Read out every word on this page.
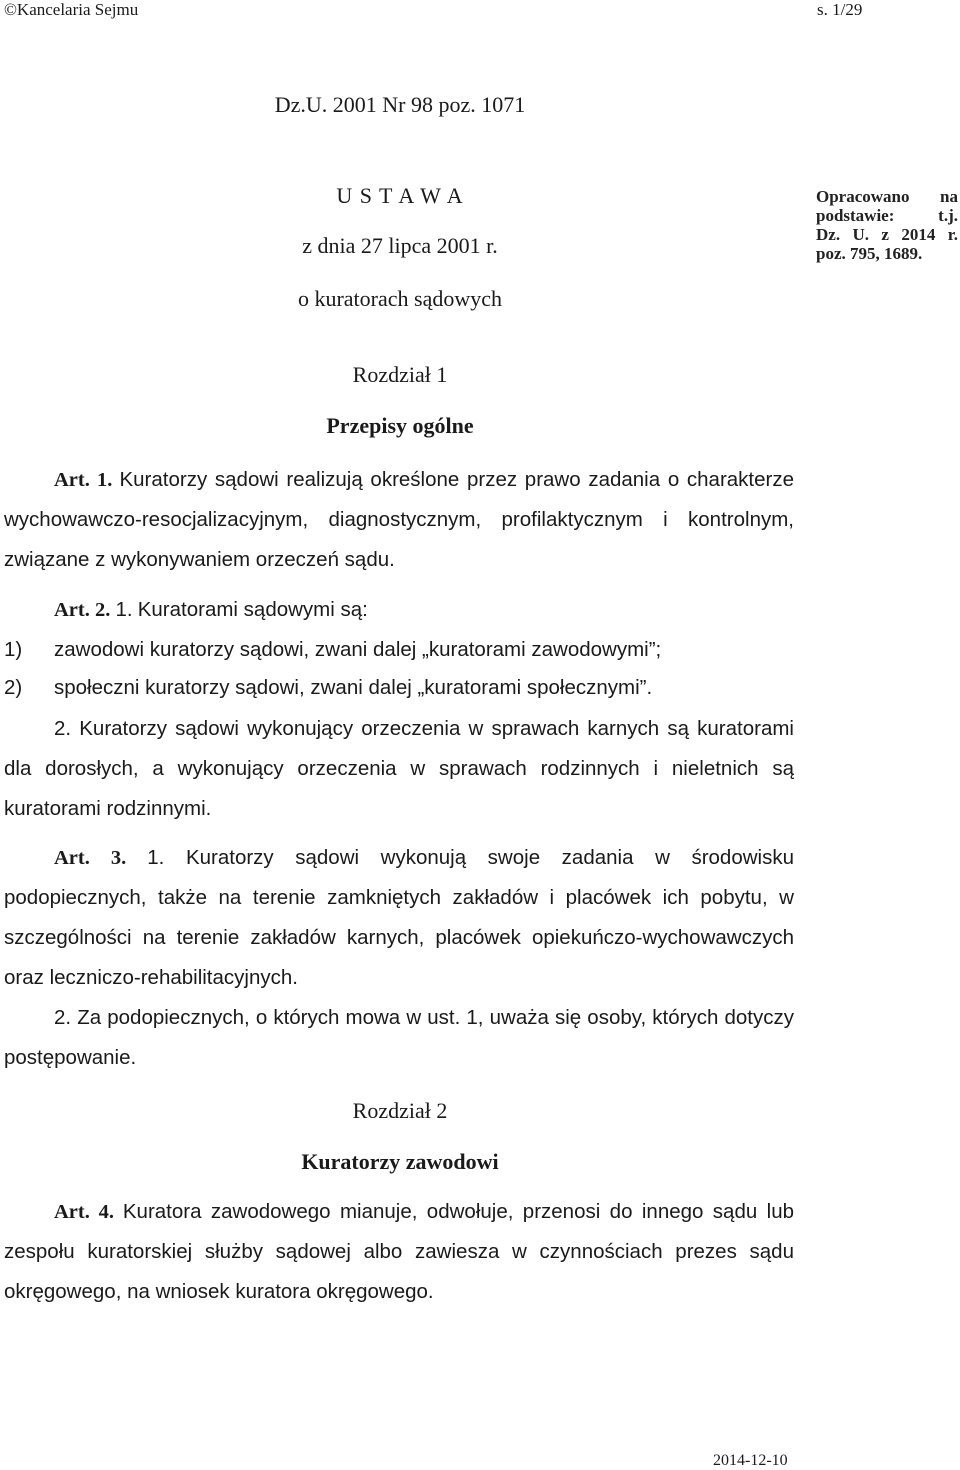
©Kancelaria Sejmu	s. 1/29
Dz.U. 2001 Nr 98 poz. 1071
U S T A W A
z dnia 27 lipca 2001 r.
o kuratorach sądowych
Opracowano na
podstawie: t.j.
Dz. U. z 2014 r.
poz. 795, 1689.
Rozdział 1
Przepisy ogólne
Art. 1. Kuratorzy sądowi realizują określone przez prawo zadania o charakterze wychowawczo-resocjalizacyjnym, diagnostycznym, profilaktycznym i kontrolnym, związane z wykonywaniem orzeczeń sądu.
Art. 2. 1. Kuratorami sądowymi są:
1) zawodowi kuratorzy sądowi, zwani dalej „kuratorami zawodowymi”;
2) społeczni kuratorzy sądowi, zwani dalej „kuratorami społecznymi”.
2. Kuratorzy sądowi wykonujący orzeczenia w sprawach karnych są kuratorami dla dorosłych, a wykonujący orzeczenia w sprawach rodzinnych i nieletnich są kuratorami rodzinnymi.
Art. 3. 1. Kuratorzy sądowi wykonują swoje zadania w środowisku podopiecznych, także na terenie zamkniętych zakładów i placówek ich pobytu, w szczególności na terenie zakładów karnych, placówek opiekuńczo-wychowawczych oraz leczniczo-rehabilitacyjnych.
2. Za podopiecznych, o których mowa w ust. 1, uważa się osoby, których dotyczy postępowanie.
Rozdział 2
Kuratorzy zawodowi
Art. 4. Kuratora zawodowego mianuje, odwołuje, przenosi do innego sądu lub zespołu kuratorskiej służby sądowej albo zawiesza w czynnościach prezes sądu okręgowego, na wniosek kuratora okręgowego.
2014-12-10
